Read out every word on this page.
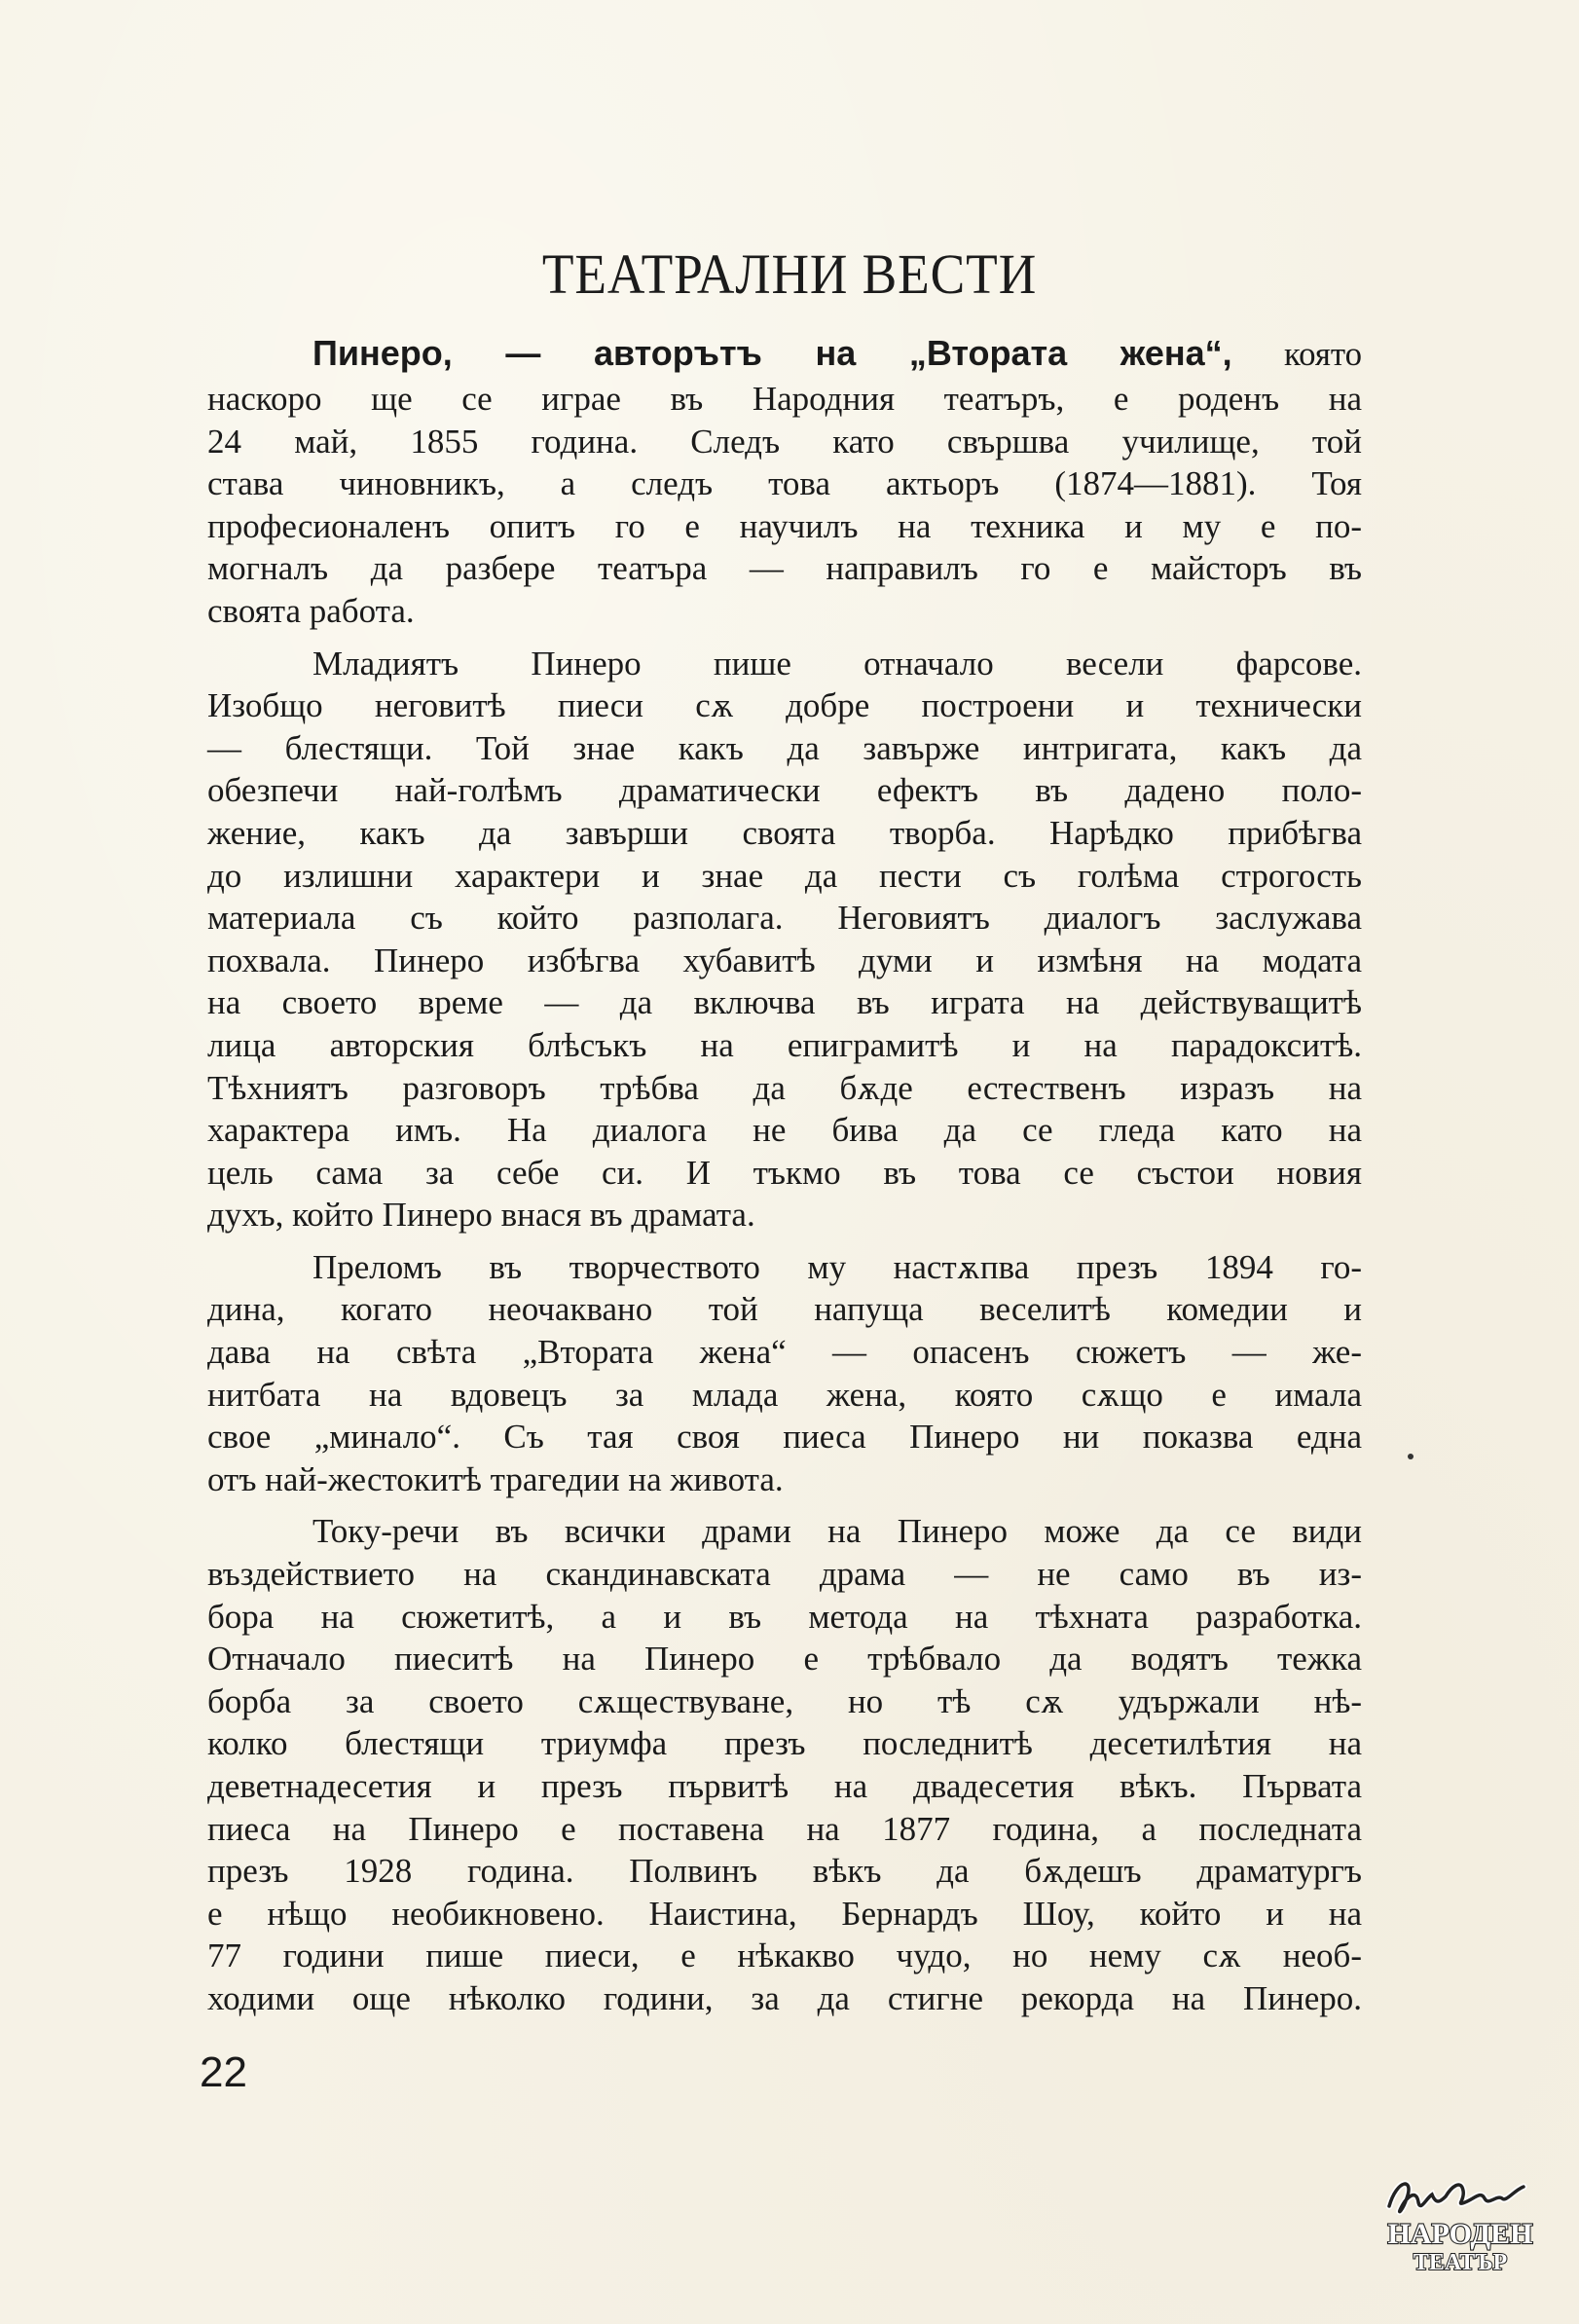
ТЕАТРАЛНИ ВЕСТИ
Пинеро, — авторътъ на „Втората жена“, която
наскоро ще се играе въ Народния театъръ, е роденъ на
24 май, 1855 година. Следъ като свършва училище, той
става чиновникъ, а следъ това актьоръ (1874—1881). Тоя
професионаленъ опитъ го е научилъ на техника и му е по-
могналъ да разбере театъра — направилъ го е майсторъ въ
своята работа.
Младиятъ Пинеро пише отначало весели фарсове.
Изобщо неговитѣ пиеси сѫ добре построени и технически
— блестящи. Той знае какъ да завърже интригата, какъ да
обезпечи най-голѣмъ драматически ефектъ въ дадено поло-
жение, какъ да завърши своята творба. Нарѣдко прибѣгва
до излишни характери и знае да пести съ голѣма строгость
материала съ който разполага. Неговиятъ диалогъ заслужава
похвала. Пинеро избѣгва хубавитѣ думи и измѣня на модата
на своето време — да включва въ играта на действуващитѣ
лица авторския блѣсъкъ на епиграмитѣ и на парадокситѣ.
Тѣхниятъ разговоръ трѣбва да бѫде естественъ изразъ на
характера имъ. На диалога не бива да се гледа като на
цель сама за себе си. И тъкмо въ това се състои новия
духъ, който Пинеро внася въ драмата.
Преломъ въ творчеството му настѫпва презъ 1894 го-
дина, когато неочаквано той напуща веселитѣ комедии и
дава на свѣта „Втората жена“ — опасенъ сюжетъ — же-
нитбата на вдовецъ за млада жена, която сѫщо е имала
свое „минало“. Съ тая своя пиеса Пинеро ни показва една
отъ най-жестокитѣ трагедии на живота.
Току-речи въ всички драми на Пинеро може да се види
въздействието на скандинавската драма — не само въ из-
бора на сюжетитѣ, а и въ метода на тѣхната разработка.
Отначало пиеситѣ на Пинеро е трѣбвало да водятъ тежка
борба за своето сѫществуване, но тѣ сѫ удържали нѣ-
колко блестящи триумфа презъ последнитѣ десетилѣтия на
деветнадесетия и презъ първитѣ на двадесетия вѣкъ. Първата
пиеса на Пинеро е поставена на 1877 година, а последната
презъ 1928 година. Полвинъ вѣкъ да бѫдешъ драматургъ
е нѣщо необикновено. Наистина, Бернардъ Шоу, който и на
77 години пише пиеси, е нѣкакво чудо, но нему сѫ необ-
ходими още нѣколко години, за да стигне рекорда на Пинеро.
22
НАРОДЕН
ТЕАТЪР
